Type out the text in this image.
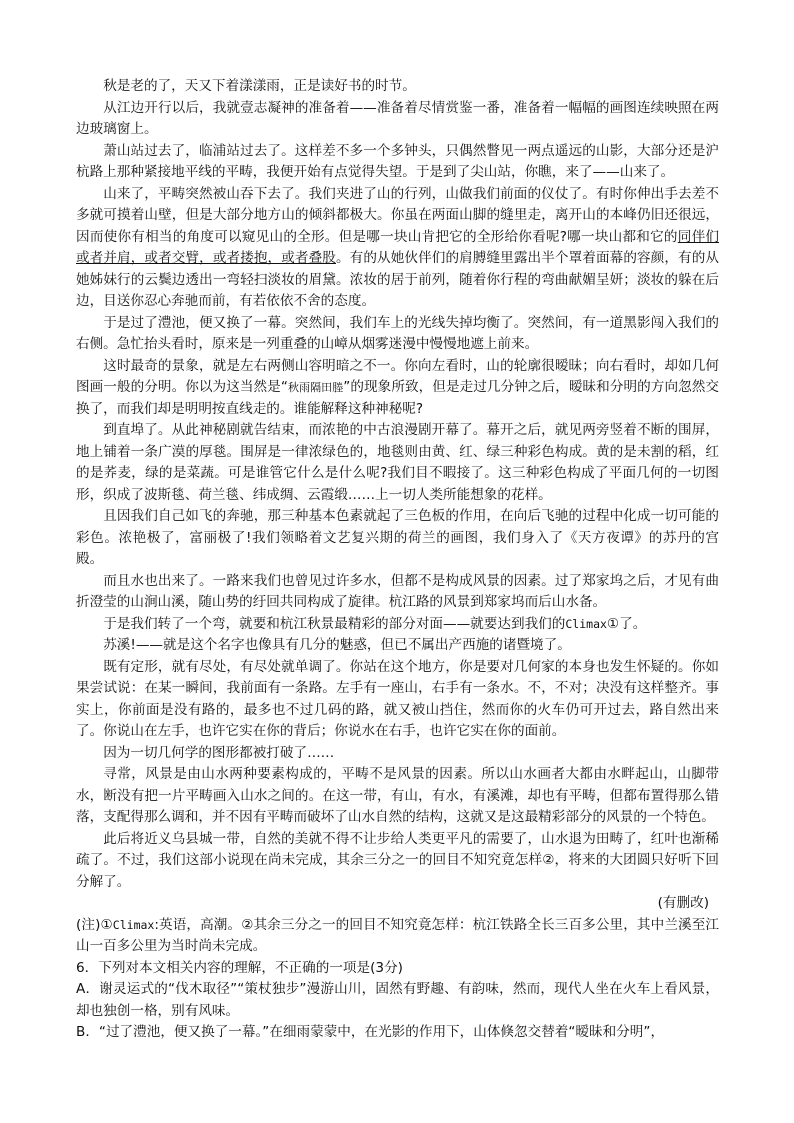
秋是老的了，天又下着漾漾雨，正是读好书的时节。

从江边开行以后，我就壹志凝神的准备着——准备着尽情赏鉴一番，准备着一幅幅的画图连续映照在两边玻璃窗上。

萧山站过去了，临浦站过去了。这样差不多一个多钟头，只偶然瞥见一两点遥远的山影，大部分还是沪杭路上那种紧接地平线的平畴，我便开始有点觉得失望。于是到了尖山站，你瞧，来了——山来了。

山来了，平畴突然被山吞下去了。我们夹进了山的行列，山做我们前面的仪仗了。有时你伸出手去差不多就可摸着山壁，但是大部分地方山的倾斜都极大。你虽在两面山脚的缝里走，离开山的本峰仍旧还很远，因而使你有相当的角度可以窥见山的全形。但是哪一块山肯把它的全形给你看呢?哪一块山都和它的同伴们或者并肩，或者交臂，或者搂抱，或者叠股。有的从她伙伴们的肩膊缝里露出半个罩着面幕的容颜，有的从她姊妹行的云鬓边透出一弯轻扫淡妆的眉黛。浓妆的居于前列，随着你行程的弯曲献媚呈妍；淡妆的躲在后边，目送你忍心奔驰而前，有若依依不舍的态度。

于是过了澧池，便又换了一幕。突然间，我们车上的光线失掉均衡了。突然间，有一道黑影闯入我们的右侧。急忙抬头看时，原来是一列重叠的山嶂从烟雾迷漫中慢慢地遮上前来。

这时最奇的景象，就是左右两侧山容明暗之不一。你向左看时，山的轮廓很暧昧；向右看时，却如几何图画一般的分明。你以为这当然是“秋雨隔田塍”的现象所致，但是走过几分钟之后，暧昧和分明的方向忽然交换了，而我们却是明明按直线走的。谁能解释这种神秘呢?

到直埠了。从此神秘剧就告结束，而浓艳的中古浪漫剧开幕了。幕开之后，就见两旁竖着不断的围屏，地上铺着一条广漠的厚毯。围屏是一律浓绿色的，地毯则由黄、红、绿三种彩色构成。黄的是未割的稻，红的是荞麦，绿的是菜蔬。可是谁管它什么是什么呢?我们目不暇接了。这三种彩色构成了平面几何的一切图形，织成了波斯毯、荷兰毯、纬成绸、云霞缎……上一切人类所能想象的花样。

且因我们自己如飞的奔驰，那三种基本色素就起了三色板的作用，在向后飞驰的过程中化成一切可能的彩色。浓艳极了，富丽极了!我们领略着文艺复兴期的荷兰的画图，我们身入了《天方夜谭》的苏丹的宫殿。

而且水也出来了。一路来我们也曾见过许多水，但都不是构成风景的因素。过了郑家坞之后，才见有曲折澄莹的山涧山溪，随山势的纡回共同构成了旋律。杭江路的风景到郑家坞而后山水备。

于是我们转了一个弯，就要和杭江秋景最精彩的部分对面——就要达到我们的Climax①了。

苏溪!——就是这个名字也像具有几分的魅惑，但已不属出产西施的诸暨境了。

既有定形，就有尽处，有尽处就单调了。你站在这个地方，你是要对几何家的本身也发生怀疑的。你如果尝试说：在某一瞬间，我前面有一条路。左手有一座山，右手有一条水。不，不对；决没有这样整齐。事实上，你前面是没有路的，最多也不过几码的路，就又被山挡住，然而你的火车仍可开过去，路自然出来了。你说山在左手，也许它实在你的背后；你说水在右手，也许它实在你的面前。

因为一切几何学的图形都被打破了……

寻常，风景是由山水两种要素构成的，平畴不是风景的因素。所以山水画者大都由水畔起山，山脚带水，断没有把一片平畴画入山水之间的。在这一带，有山，有水，有溪滩，却也有平畴，但都布置得那么错落，支配得那么调和，并不因有平畴而破坏了山水自然的结构，这就又是这最精彩部分的风景的一个特色。

此后将近义乌县城一带，自然的美就不得不让步给人类更平凡的需要了，山水退为田畴了，红叶也渐稀疏了。不过，我们这部小说现在尚未完成，其余三分之一的回目不知究竟怎样②，将来的大团圆只好听下回分解了。

(有删改)

(注)①Climax:英语，高潮。②其余三分之一的回目不知究竟怎样：杭江铁路全长三百多公里，其中兰溪至江山一百多公里为当时尚未完成。

6．下列对本文相关内容的理解，不正确的一项是(3分)

A．谢灵运式的“伐木取径”“策杖独步”漫游山川，固然有野趣、有韵味，然而，现代人坐在火车上看风景，却也独创一格，别有风味。

B．“过了澧池，便又换了一幕。”在细雨蒙蒙中，在光影的作用下，山体倏忽交替着“暧昧和分明”，
